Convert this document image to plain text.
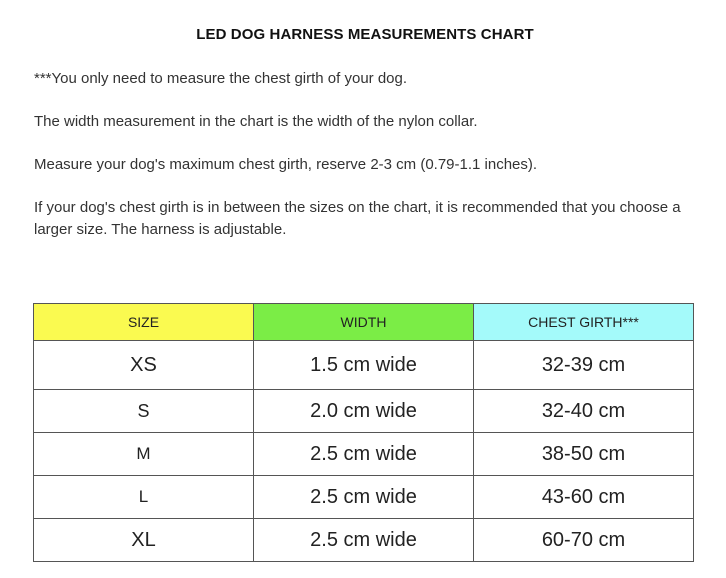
LED DOG HARNESS MEASUREMENTS CHART
***You only need to measure the chest girth of your dog.
The width measurement in the chart is the width of the nylon collar.
Measure your dog's maximum chest girth, reserve 2-3 cm (0.79-1.1 inches).
If your dog's chest girth is in between the sizes on the chart, it is recommended that you choose a larger size. The harness is adjustable.
SIZE	WIDTH	CHEST GIRTH***
XS	1.5 cm wide	32-39 cm
S	2.0 cm wide	32-40 cm
M	2.5 cm wide	38-50 cm
L	2.5 cm wide	43-60 cm
XL	2.5 cm wide	60-70 cm
